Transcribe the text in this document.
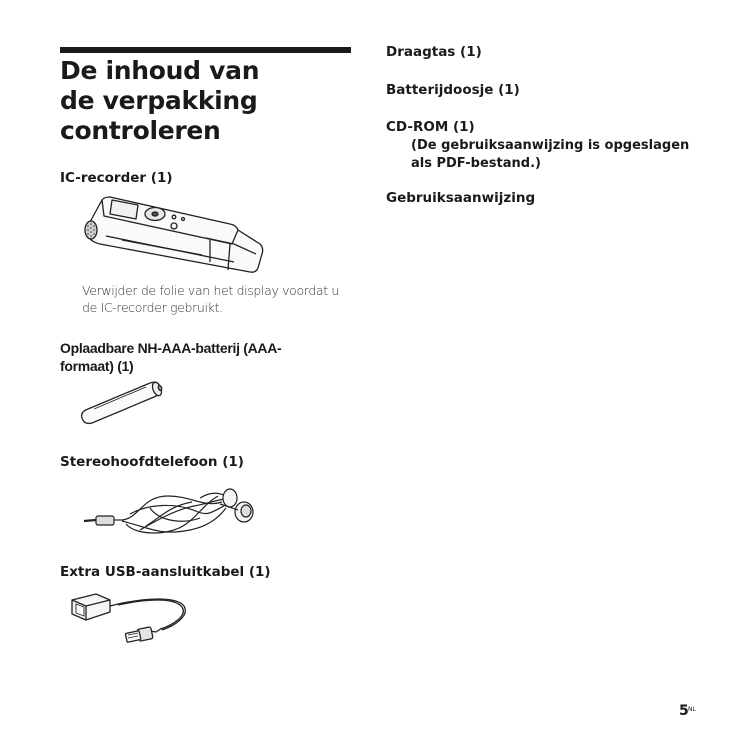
De inhoud van
de verpakking
controleren
IC-recorder (1)
Verwijder de folie van het display voordat u de IC-recorder gebruikt.
Oplaadbare NH-AAA-batterij (AAA-
formaat) (1)
Stereohoofdtelefoon (1)
Extra USB-aansluitkabel (1)
Draagtas (1)
Batterijdoosje (1)
CD-ROM (1)
(De gebruiksaanwijzing is opgeslagen
als PDF-bestand.)
Gebruiksaanwijzing
5 NL
